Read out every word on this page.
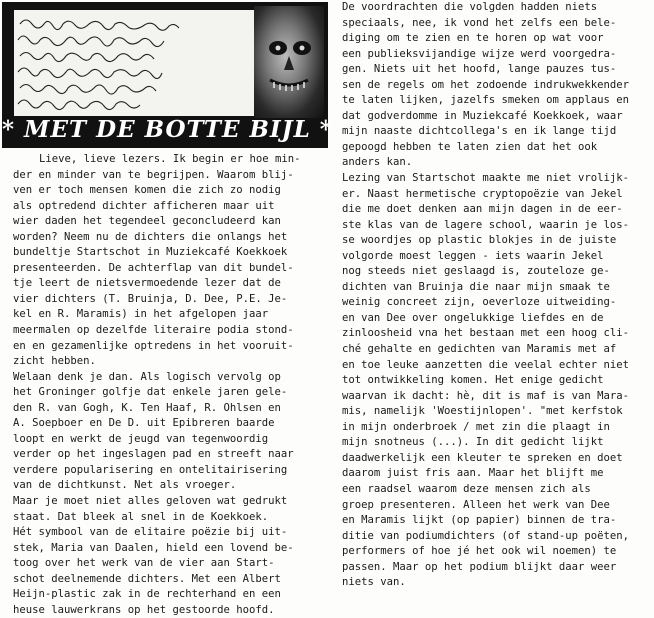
* MET DE BOTTE BIJL *
Lieve, lieve lezers. Ik begin er hoe min-
der en minder van te begrijpen. Waarom blij-
ven er toch mensen komen die zich zo nodig
als optredend dichter afficheren maar uit
wier daden het tegendeel geconcludeerd kan
worden? Neem nu de dichters die onlangs het
bundeltje Startschot in Muziekcafé Koekkoek
presenteerden. De achterflap van dit bundel-
tje leert de nietsvermoedende lezer dat de
vier dichters (T. Bruinja, D. Dee, P.E. Je-
kel en R. Maramis) in het afgelopen jaar
meermalen op dezelfde literaire podia stond-
en en gezamenlijke optredens in het vooruit-
zicht hebben.
Welaan denk je dan. Als logisch vervolg op
het Groninger golfje dat enkele jaren gele-
den R. van Gogh, K. Ten Haaf, R. Ohlsen en
A. Soepboer en De D. uit Epibreren baarde
loopt en werkt de jeugd van tegenwoordig
verder op het ingeslagen pad en streeft naar
verdere popularisering en ontelitairisering
van de dichtkunst. Net als vroeger.
Maar je moet niet alles geloven wat gedrukt
staat. Dat bleek al snel in de Koekkoek.
Hét symbool van de elitaire poëzie bij uit-
stek, Maria van Daalen, hield een lovend be-
toog over het werk van de vier aan Start-
schot deelnemende dichters. Met een Albert
Heijn-plastic zak in de rechterhand en een
heuse lauwerkrans op het gestoorde hoofd.
De voordrachten die volgden hadden niets
speciaals, nee, ik vond het zelfs een bele-
diging om te zien en te horen op wat voor
een publieksvijandige wijze werd voorgedra-
gen. Niets uit het hoofd, lange pauzes tus-
sen de regels om het zodoende indrukwekkender
te laten lijken, jazelfs smeken om applaus en
dat godverdomme in Muziekcafé Koekkoek, waar
mijn naaste dichtcollega's en ik lange tijd
gepoogd hebben te laten zien dat het ook
anders kan.
Lezing van Startschot maakte me niet vrolijk-
er. Naast hermetische cryptopoëzie van Jekel
die me doet denken aan mijn dagen in de eer-
ste klas van de lagere school, waarin je los-
se woordjes op plastic blokjes in de juiste
volgorde moest leggen - iets waarin Jekel
nog steeds niet geslaagd is, zouteloze ge-
dichten van Bruinja die naar mijn smaak te
weinig concreet zijn, oeverloze uitweiding-
en van Dee over ongelukkige liefdes en de
zinloosheid vna het bestaan met een hoog cli-
ché gehalte en gedichten van Maramis met af
en toe leuke aanzetten die veelal echter niet
tot ontwikkeling komen. Het enige gedicht
waarvan ik dacht: hè, dit is maf is van Mara-
mis, namelijk 'Woestijnlopen'. "met kerfstok
in mijn onderbroek / met zin die plaagt in
mijn snotneus (...). In dit gedicht lijkt
daadwerkelijk een kleuter te spreken en doet
daarom juist fris aan. Maar het blijft me
een raadsel waarom deze mensen zich als
groep presenteren. Alleen het werk van Dee
en Maramis lijkt (op papier) binnen de tra-
ditie van podiumdichters (of stand-up poëten,
performers of hoe jé het ook wil noemen) te
passen. Maar op het podium blijkt daar weer
niets van.
